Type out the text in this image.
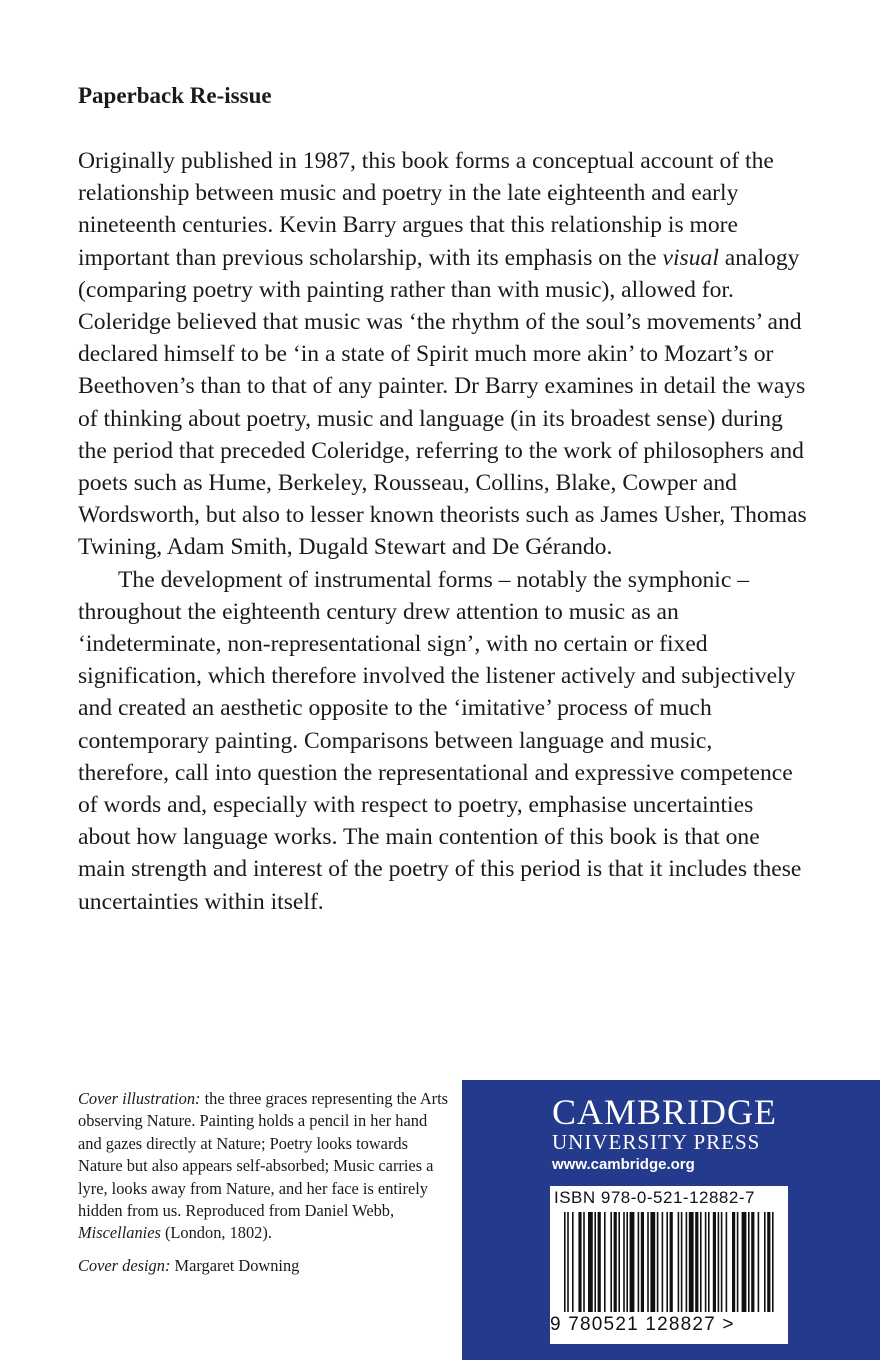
Paperback Re-issue

Originally published in 1987, this book forms a conceptual account of the relationship between music and poetry in the late eighteenth and early nineteenth centuries. Kevin Barry argues that this relationship is more important than previous scholarship, with its emphasis on the visual analogy (comparing poetry with painting rather than with music), allowed for. Coleridge believed that music was ‘the rhythm of the soul’s movements’ and declared himself to be ‘in a state of Spirit much more akin’ to Mozart’s or Beethoven’s than to that of any painter. Dr Barry examines in detail the ways of thinking about poetry, music and language (in its broadest sense) during the period that preceded Coleridge, referring to the work of philosophers and poets such as Hume, Berkeley, Rousseau, Collins, Blake, Cowper and Wordsworth, but also to lesser known theorists such as James Usher, Thomas Twining, Adam Smith, Dugald Stewart and De Gérando.

The development of instrumental forms – notably the symphonic – throughout the eighteenth century drew attention to music as an ‘indeterminate, non-representational sign’, with no certain or fixed signification, which therefore involved the listener actively and subjectively and created an aesthetic opposite to the ‘imitative’ process of much contemporary painting. Comparisons between language and music, therefore, call into question the representational and expressive competence of words and, especially with respect to poetry, emphasise uncertainties about how language works. The main contention of this book is that one main strength and interest of the poetry of this period is that it includes these uncertainties within itself.

Cover illustration: the three graces representing the Arts observing Nature. Painting holds a pencil in her hand and gazes directly at Nature; Poetry looks towards Nature but also appears self-absorbed; Music carries a lyre, looks away from Nature, and her face is entirely hidden from us. Reproduced from Daniel Webb, Miscellanies (London, 1802).

Cover design: Margaret Downing

CAMBRIDGE
UNIVERSITY PRESS
www.cambridge.org
ISBN 978-0-521-12882-7
9 780521 128827 >
